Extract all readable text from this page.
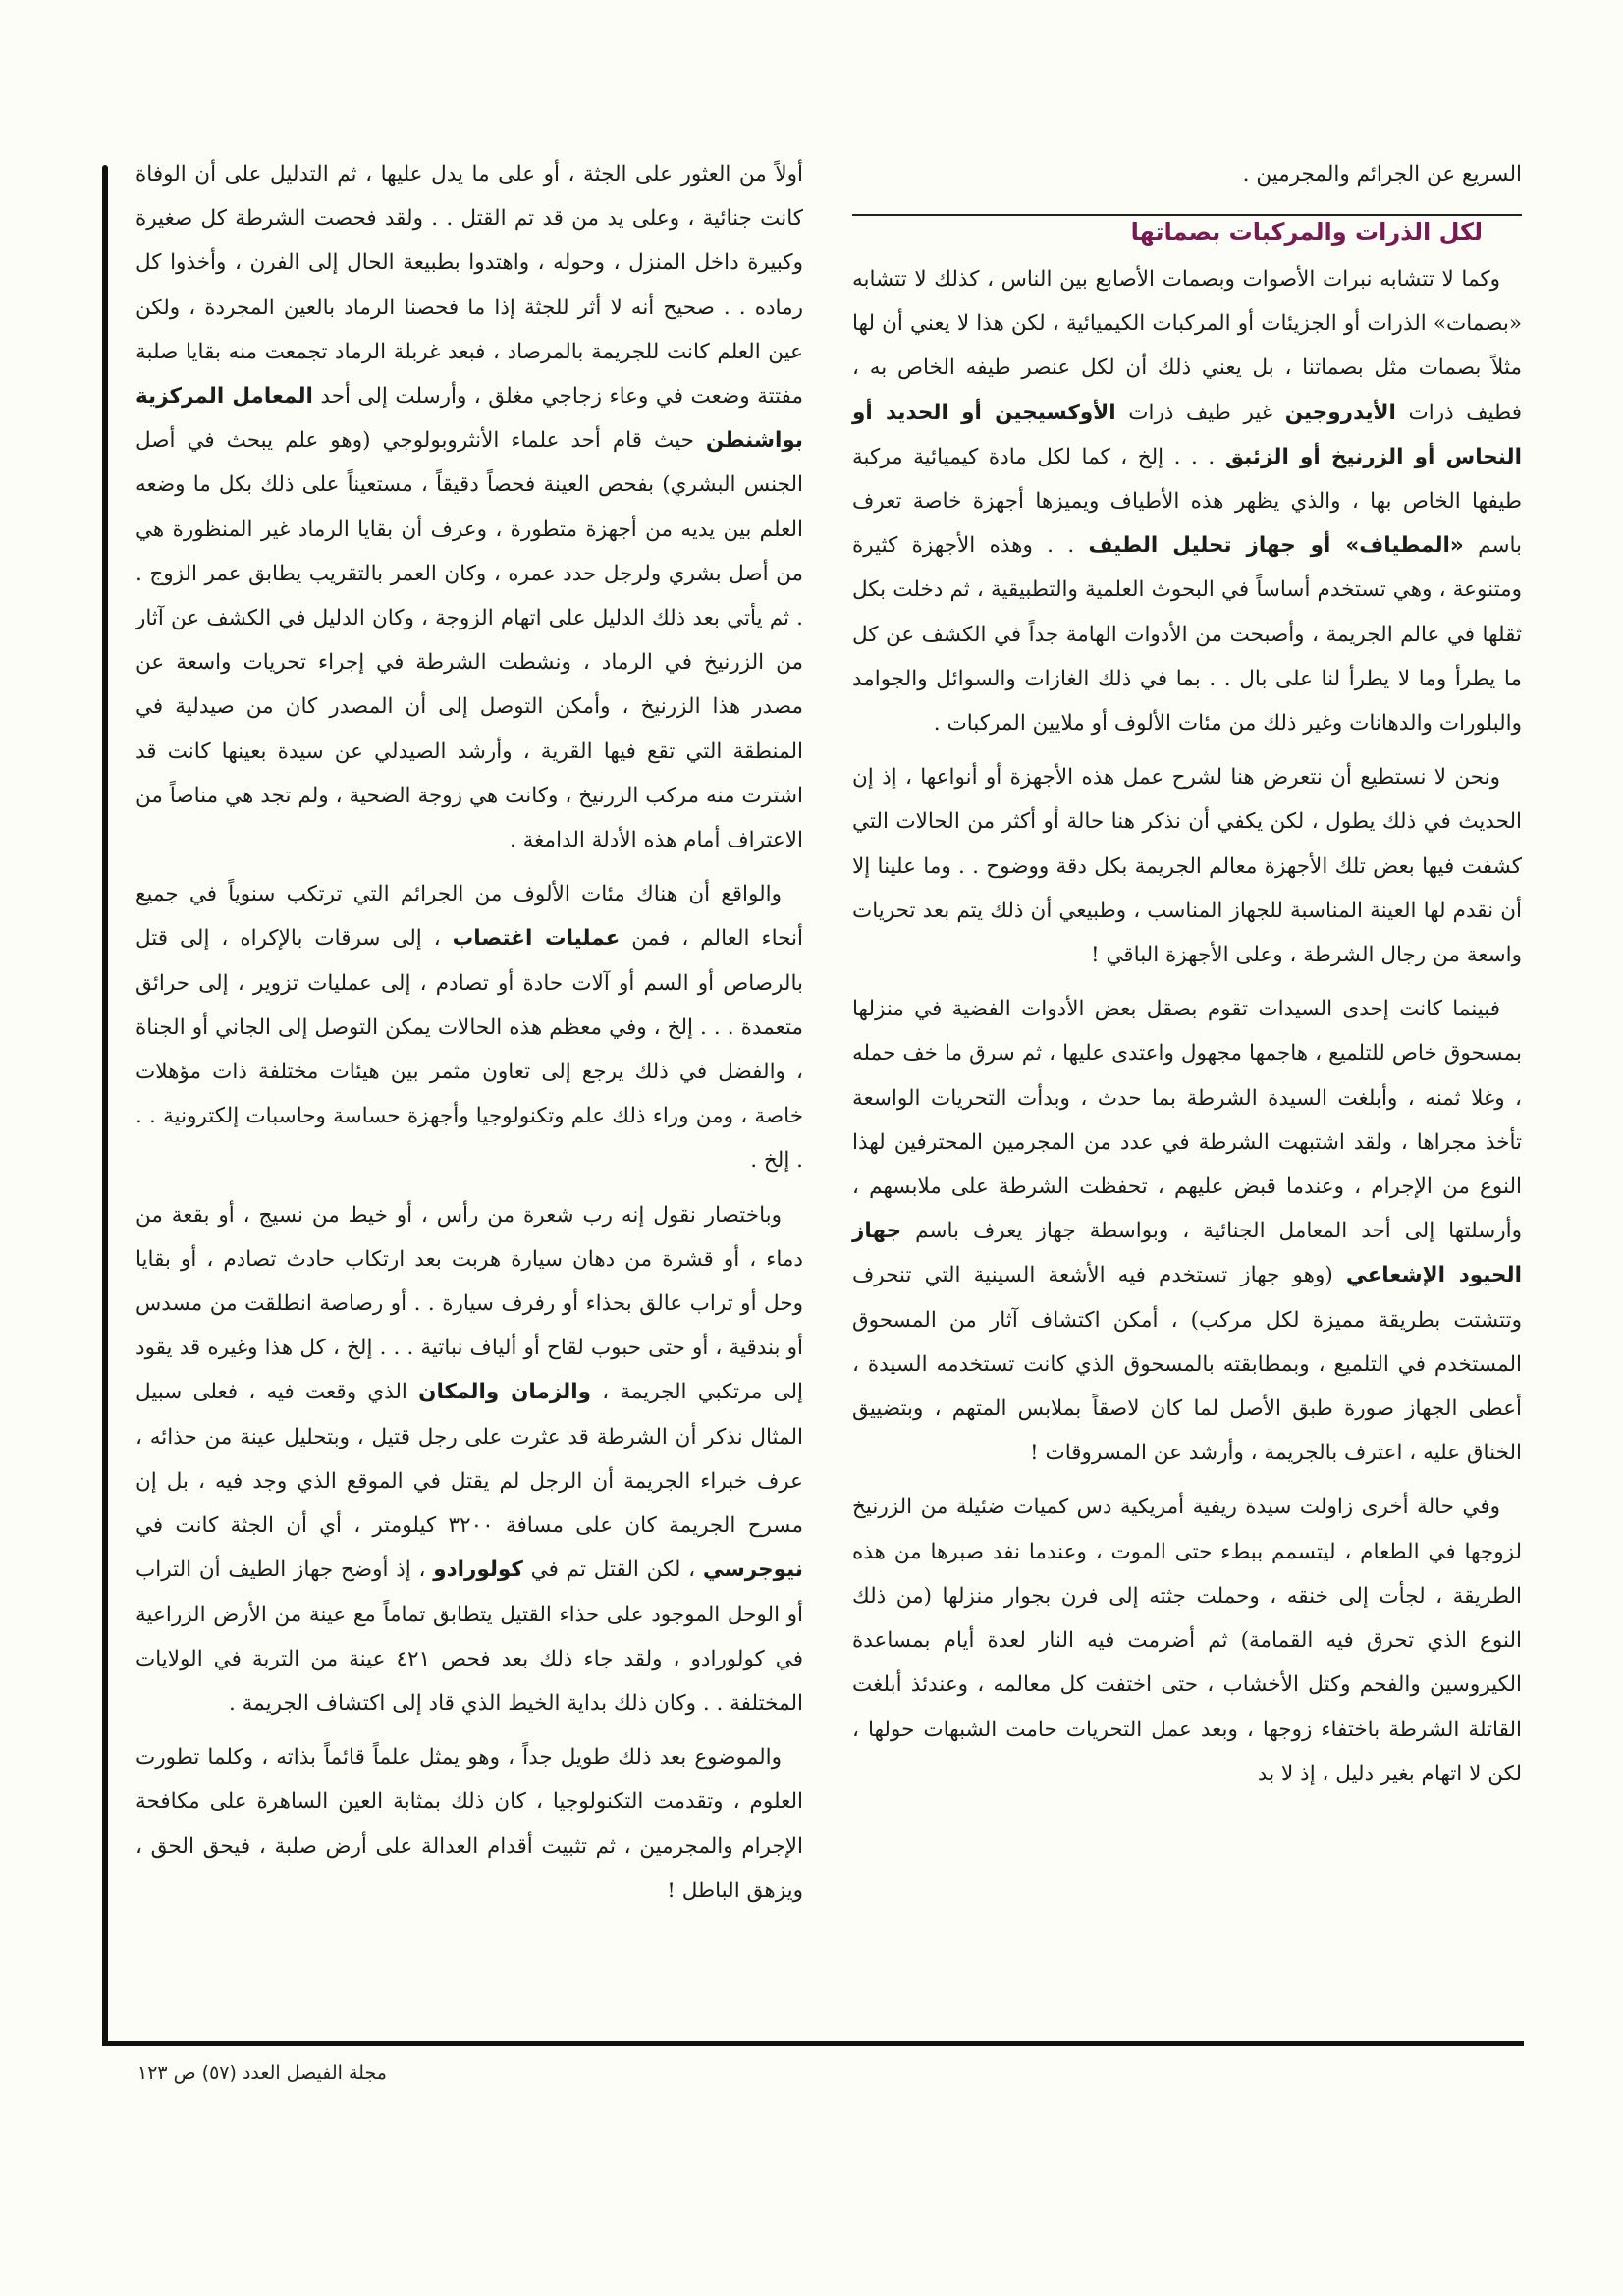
السريع عن الجرائم والمجرمين .
لكل الذرات والمركبات بصماتها

وكما لا تتشابه نبرات الأصوات وبصمات الأصابع بين الناس ، كذلك لا تتشابه «بصمات» الذرات أو الجزيئات أو المركبات الكيميائية ، لكن هذا لا يعني أن لها مثلاً بصمات مثل بصماتنا ، بل يعني ذلك أن لكل عنصر طيفه الخاص به ، فطيف ذرات الأيدروجين غير طيف ذرات الأوكسيجين أو الحديد أو النحاس أو الزرنيخ أو الزئبق . . . إلخ ، كما لكل مادة كيميائية مركبة طيفها الخاص بها ، والذي يظهر هذه الأطياف ويميزها أجهزة خاصة تعرف باسم «المطياف» أو جهاز تحليل الطيف . . وهذه الأجهزة كثيرة ومتنوعة ، وهي تستخدم أساساً في البحوث العلمية والتطبيقية ، ثم دخلت بكل ثقلها في عالم الجريمة ، وأصبحت من الأدوات الهامة جداً في الكشف عن كل ما يطرأ وما لا يطرأ لنا على بال . . بما في ذلك الغازات والسوائل والجوامد والبلورات والدهانات وغير ذلك من مئات الألوف أو ملايين المركبات .

ونحن لا نستطيع أن نتعرض هنا لشرح عمل هذه الأجهزة أو أنواعها ، إذ إن الحديث في ذلك يطول ، لكن يكفي أن نذكر هنا حالة أو أكثر من الحالات التي كشفت فيها بعض تلك الأجهزة معالم الجريمة بكل دقة ووضوح . . وما علينا إلا أن نقدم لها العينة المناسبة للجهاز المناسب ، وطبيعي أن ذلك يتم بعد تحريات واسعة من رجال الشرطة ، وعلى الأجهزة الباقي !

فبينما كانت إحدى السيدات تقوم بصقل بعض الأدوات الفضية في منزلها بمسحوق خاص للتلميع ، هاجمها مجهول واعتدى عليها ، ثم سرق ما خف حمله ، وغلا ثمنه ، وأبلغت السيدة الشرطة بما حدث ، وبدأت التحريات الواسعة تأخذ مجراها ، ولقد اشتبهت الشرطة في عدد من المجرمين المحترفين لهذا النوع من الإجرام ، وعندما قبض عليهم ، تحفظت الشرطة على ملابسهم ، وأرسلتها إلى أحد المعامل الجنائية ، وبواسطة جهاز يعرف باسم جهاز الحيود الإشعاعي (وهو جهاز تستخدم فيه الأشعة السينية التي تنحرف وتتشتت بطريقة مميزة لكل مركب) ، أمكن اكتشاف آثار من المسحوق المستخدم في التلميع ، وبمطابقته بالمسحوق الذي كانت تستخدمه السيدة ، أعطى الجهاز صورة طبق الأصل لما كان لاصقاً بملابس المتهم ، وبتضييق الخناق عليه ، اعترف بالجريمة ، وأرشد عن المسروقات !

وفي حالة أخرى زاولت سيدة ريفية أمريكية دس كميات ضئيلة من الزرنيخ لزوجها في الطعام ، ليتسمم ببطء حتى الموت ، وعندما نفد صبرها من هذه الطريقة ، لجأت إلى خنقه ، وحملت جثته إلى فرن بجوار منزلها (من ذلك النوع الذي تحرق فيه القمامة) ثم أضرمت فيه النار لعدة أيام بمساعدة الكيروسين والفحم وكتل الأخشاب ، حتى اختفت كل معالمه ، وعندئذ أبلغت القاتلة الشرطة باختفاء زوجها ، وبعد عمل التحريات حامت الشبهات حولها ، لكن لا اتهام بغير دليل ، إذ لا بد

أولاً من العثور على الجثة ، أو على ما يدل عليها ، ثم التدليل على أن الوفاة كانت جنائية ، وعلى يد من قد تم القتل . . ولقد فحصت الشرطة كل صغيرة وكبيرة داخل المنزل ، وحوله ، واهتدوا بطبيعة الحال إلى الفرن ، وأخذوا كل رماده . . صحيح أنه لا أثر للجثة إذا ما فحصنا الرماد بالعين المجردة ، ولكن عين العلم كانت للجريمة بالمرصاد ، فبعد غربلة الرماد تجمعت منه بقايا صلبة مفتتة وضعت في وعاء زجاجي مغلق ، وأرسلت إلى أحد المعامل المركزية بواشنطن حيث قام أحد علماء الأنثروبولوجي (وهو علم يبحث في أصل الجنس البشري) بفحص العينة فحصاً دقيقاً ، مستعيناً على ذلك بكل ما وضعه العلم بين يديه من أجهزة متطورة ، وعرف أن بقايا الرماد غير المنظورة هي من أصل بشري ولرجل حدد عمره ، وكان العمر بالتقريب يطابق عمر الزوج . . ثم يأتي بعد ذلك الدليل على اتهام الزوجة ، وكان الدليل في الكشف عن آثار من الزرنيخ في الرماد ، ونشطت الشرطة في إجراء تحريات واسعة عن مصدر هذا الزرنيخ ، وأمكن التوصل إلى أن المصدر كان من صيدلية في المنطقة التي تقع فيها القرية ، وأرشد الصيدلي عن سيدة بعينها كانت قد اشترت منه مركب الزرنيخ ، وكانت هي زوجة الضحية ، ولم تجد هي مناصاً من الاعتراف أمام هذه الأدلة الدامغة .

والواقع أن هناك مئات الألوف من الجرائم التي ترتكب سنوياً في جميع أنحاء العالم ، فمن عمليات اغتصاب ، إلى سرقات بالإكراه ، إلى قتل بالرصاص أو السم أو آلات حادة أو تصادم ، إلى عمليات تزوير ، إلى حرائق متعمدة . . . إلخ ، وفي معظم هذه الحالات يمكن التوصل إلى الجاني أو الجناة ، والفضل في ذلك يرجع إلى تعاون مثمر بين هيئات مختلفة ذات مؤهلات خاصة ، ومن وراء ذلك علم وتكنولوجيا وأجهزة حساسة وحاسبات إلكترونية . . . إلخ .

وباختصار نقول إنه رب شعرة من رأس ، أو خيط من نسيج ، أو بقعة من دماء ، أو قشرة من دهان سيارة هربت بعد ارتكاب حادث تصادم ، أو بقايا وحل أو تراب عالق بحذاء أو رفرف سيارة . . أو رصاصة انطلقت من مسدس أو بندقية ، أو حتى حبوب لقاح أو ألياف نباتية . . . إلخ ، كل هذا وغيره قد يقود إلى مرتكبي الجريمة ، والزمان والمكان الذي وقعت فيه ، فعلى سبيل المثال نذكر أن الشرطة قد عثرت على رجل قتيل ، وبتحليل عينة من حذائه ، عرف خبراء الجريمة أن الرجل لم يقتل في الموقع الذي وجد فيه ، بل إن مسرح الجريمة كان على مسافة ٣٢٠٠ كيلومتر ، أي أن الجثة كانت في نيوجرسي ، لكن القتل تم في كولورادو ، إذ أوضح جهاز الطيف أن التراب أو الوحل الموجود على حذاء القتيل يتطابق تماماً مع عينة من الأرض الزراعية في كولورادو ، ولقد جاء ذلك بعد فحص ٤٢١ عينة من التربة في الولايات المختلفة . . وكان ذلك بداية الخيط الذي قاد إلى اكتشاف الجريمة .

والموضوع بعد ذلك طويل جداً ، وهو يمثل علماً قائماً بذاته ، وكلما تطورت العلوم ، وتقدمت التكنولوجيا ، كان ذلك بمثابة العين الساهرة على مكافحة الإجرام والمجرمين ، ثم تثبيت أقدام العدالة على أرض صلبة ، فيحق الحق ، ويزهق الباطل !

مجلة الفيصل العدد (٥٧) ص ١٢٣
